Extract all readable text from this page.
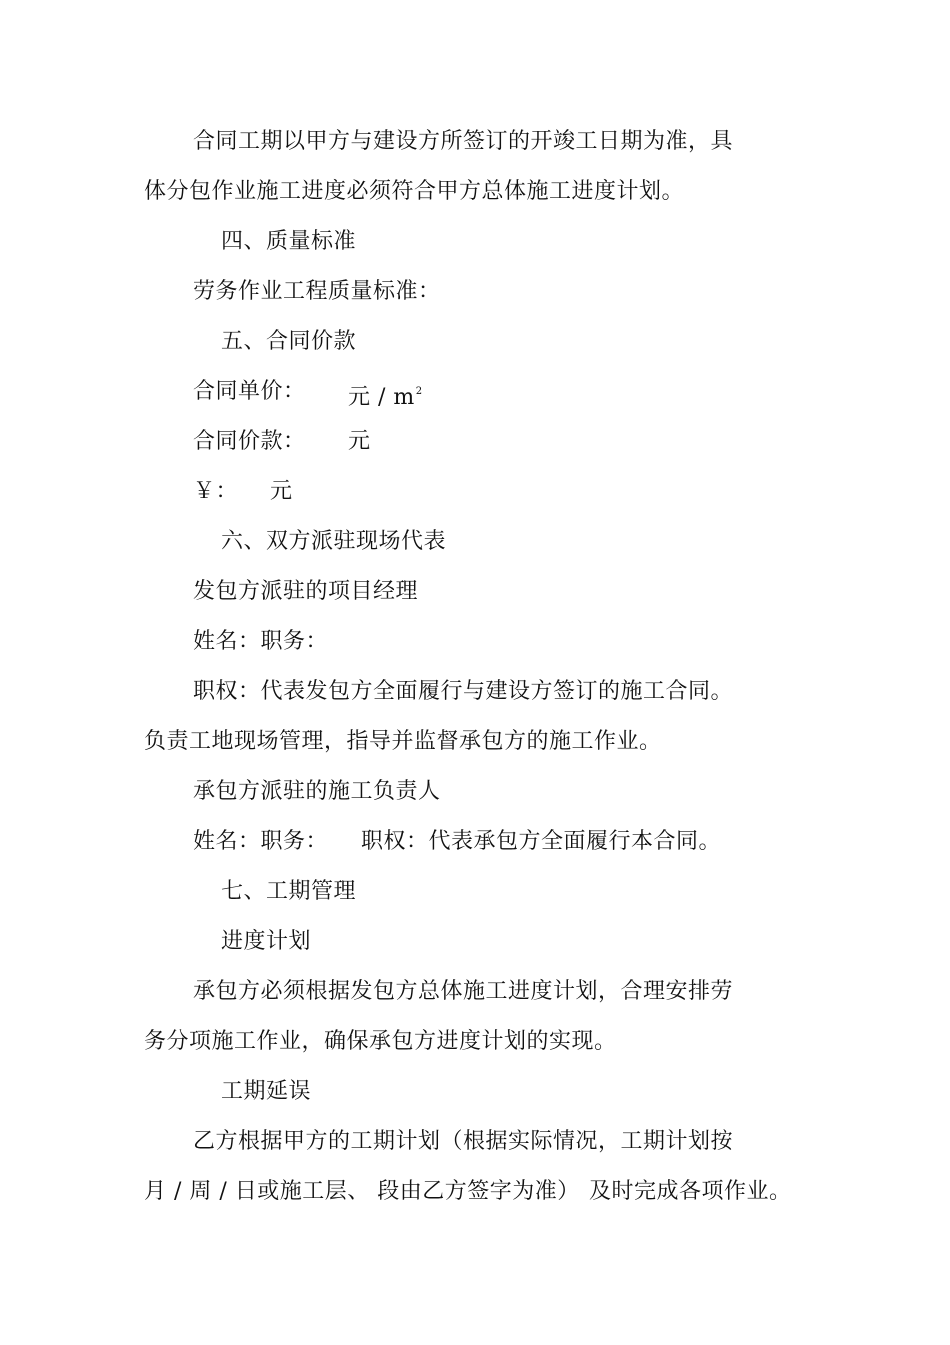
合同工期以甲方与建设方所签订的开竣工日期为准，具
体分包作业施工进度必须符合甲方总体施工进度计划。
四、质量标准
劳务作业工程质量标准：
五、合同价款
合同单价： 元 / $m^2$
合同价款： 元
￥： 元
六、双方派驻现场代表
发包方派驻的项目经理
姓名：职务：
职权：代表发包方全面履行与建设方签订的施工合同。
负责工地现场管理，指导并监督承包方的施工作业。
承包方派驻的施工负责人
姓名：职务： 职权：代表承包方全面履行本合同。
七、工期管理
进度计划
承包方必须根据发包方总体施工进度计划，合理安排劳
务分项施工作业，确保承包方进度计划的实现。
工期延误
乙方根据甲方的工期计划（根据实际情况，工期计划按
月 / 周 / 日或施工层、 段由乙方签字为准） 及时完成各项作业。
